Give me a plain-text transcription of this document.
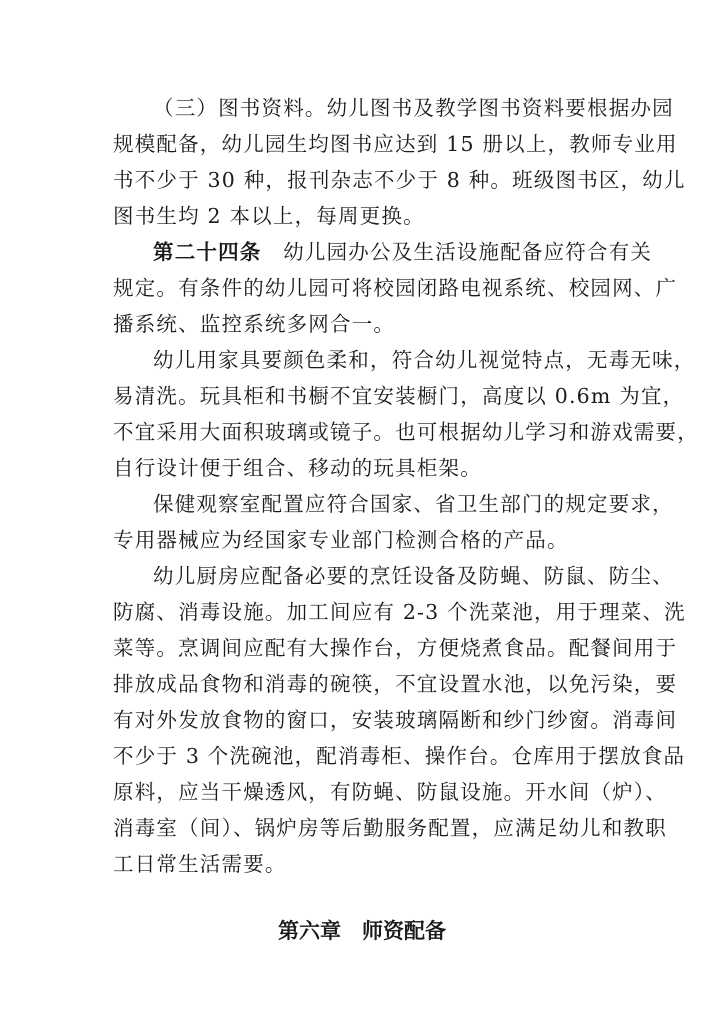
（三）图书资料。幼儿图书及教学图书资料要根据办园
规模配备，幼儿园生均图书应达到 15 册以上，教师专业用
书不少于 30 种，报刊杂志不少于 8 种。班级图书区，幼儿
图书生均 2 本以上，每周更换。
第二十四条　幼儿园办公及生活设施配备应符合有关
规定。有条件的幼儿园可将校园闭路电视系统、校园网、广
播系统、监控系统多网合一。
幼儿用家具要颜色柔和，符合幼儿视觉特点，无毒无味，
易清洗。玩具柜和书橱不宜安装橱门，高度以 0.6m 为宜，
不宜采用大面积玻璃或镜子。也可根据幼儿学习和游戏需要，
自行设计便于组合、移动的玩具柜架。
保健观察室配置应符合国家、省卫生部门的规定要求，
专用器械应为经国家专业部门检测合格的产品。
幼儿厨房应配备必要的烹饪设备及防蝇、防鼠、防尘、
防腐、消毒设施。加工间应有 2-3 个洗菜池，用于理菜、洗
菜等。烹调间应配有大操作台，方便烧煮食品。配餐间用于
排放成品食物和消毒的碗筷，不宜设置水池，以免污染，要
有对外发放食物的窗口，安装玻璃隔断和纱门纱窗。消毒间
不少于 3 个洗碗池，配消毒柜、操作台。仓库用于摆放食品
原料，应当干燥透风，有防蝇、防鼠设施。开水间（炉）、
消毒室（间）、锅炉房等后勤服务配置，应满足幼儿和教职
工日常生活需要。
第六章　师资配备
